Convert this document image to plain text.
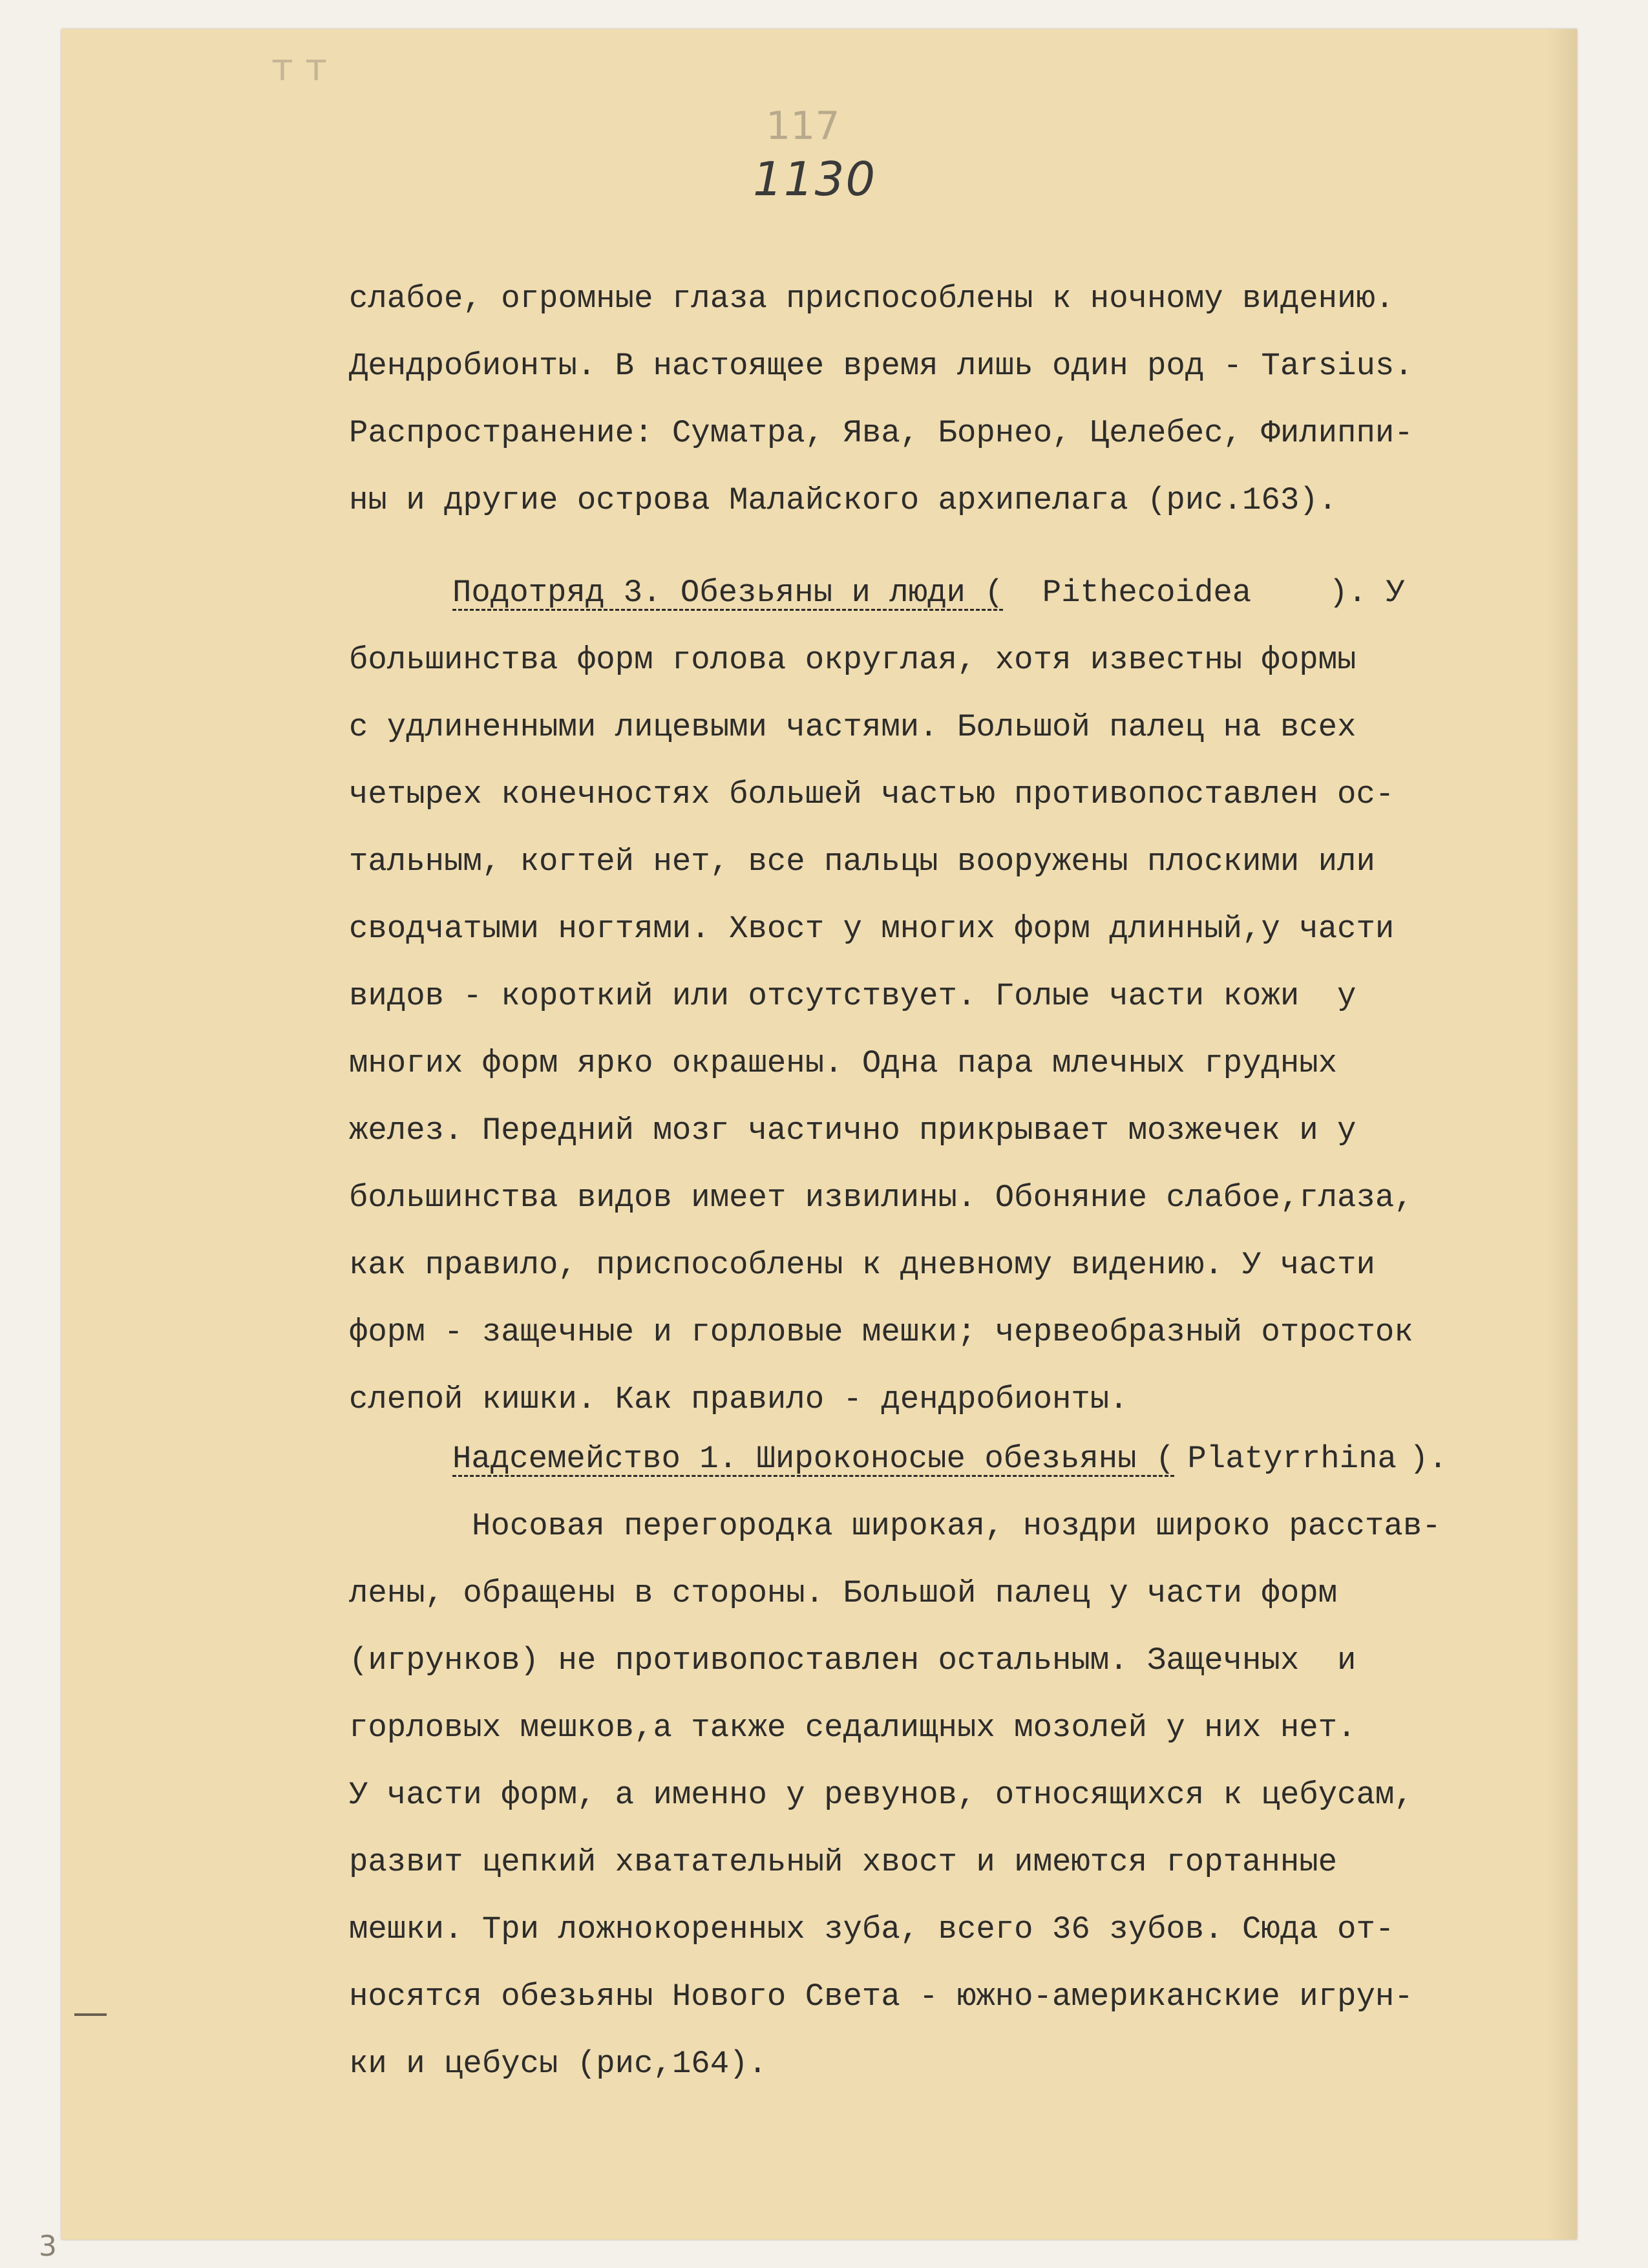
т т
117
1130
слабое, огромные глаза приспособлены к ночному видению.
Дендробионты. В настоящее время лишь один род - Tarsius.
Распространение: Суматра, Ява, Борнео, Целебес, Филиппи-
ны и другие острова Малайского архипелага (рис.163).
Подотряд 3. Обезьяны и люди ( Pithecoidea ). У
большинства форм голова округлая, хотя известны формы
с удлиненными лицевыми частями. Большой палец на всех
четырех конечностях большей частью противопоставлен ос-
тальным, когтей нет, все пальцы вооружены плоскими или
сводчатыми ногтями. Хвост у многих форм длинный,у части
видов - короткий или отсутствует. Голые части кожи  у
многих форм ярко окрашены. Одна пара млечных грудных
желез. Передний мозг частично прикрывает мозжечек и у
большинства видов имеет извилины. Обоняние слабое,глаза,
как правило, приспособлены к дневному видению. У части
форм - защечные и горловые мешки; червеобразный отросток
слепой кишки. Как правило - дендробионты.
Надсемейство 1. Широконосые обезьяны ( Platyrrhina ).
Носовая перегородка широкая, ноздри широко расстав-
лены, обращены в стороны. Большой палец у части форм
(игрунков) не противопоставлен остальным. Защечных  и
горловых мешков,а также седалищных мозолей у них нет.
У части форм, а именно у ревунов, относящихся к цебусам,
развит цепкий хватательный хвост и имеются гортанные
мешки. Три ложнокоренных зуба, всего 36 зубов. Сюда от-
носятся обезьяны Нового Света - южно-американские игрун-
ки и цебусы (рис,164).
3
